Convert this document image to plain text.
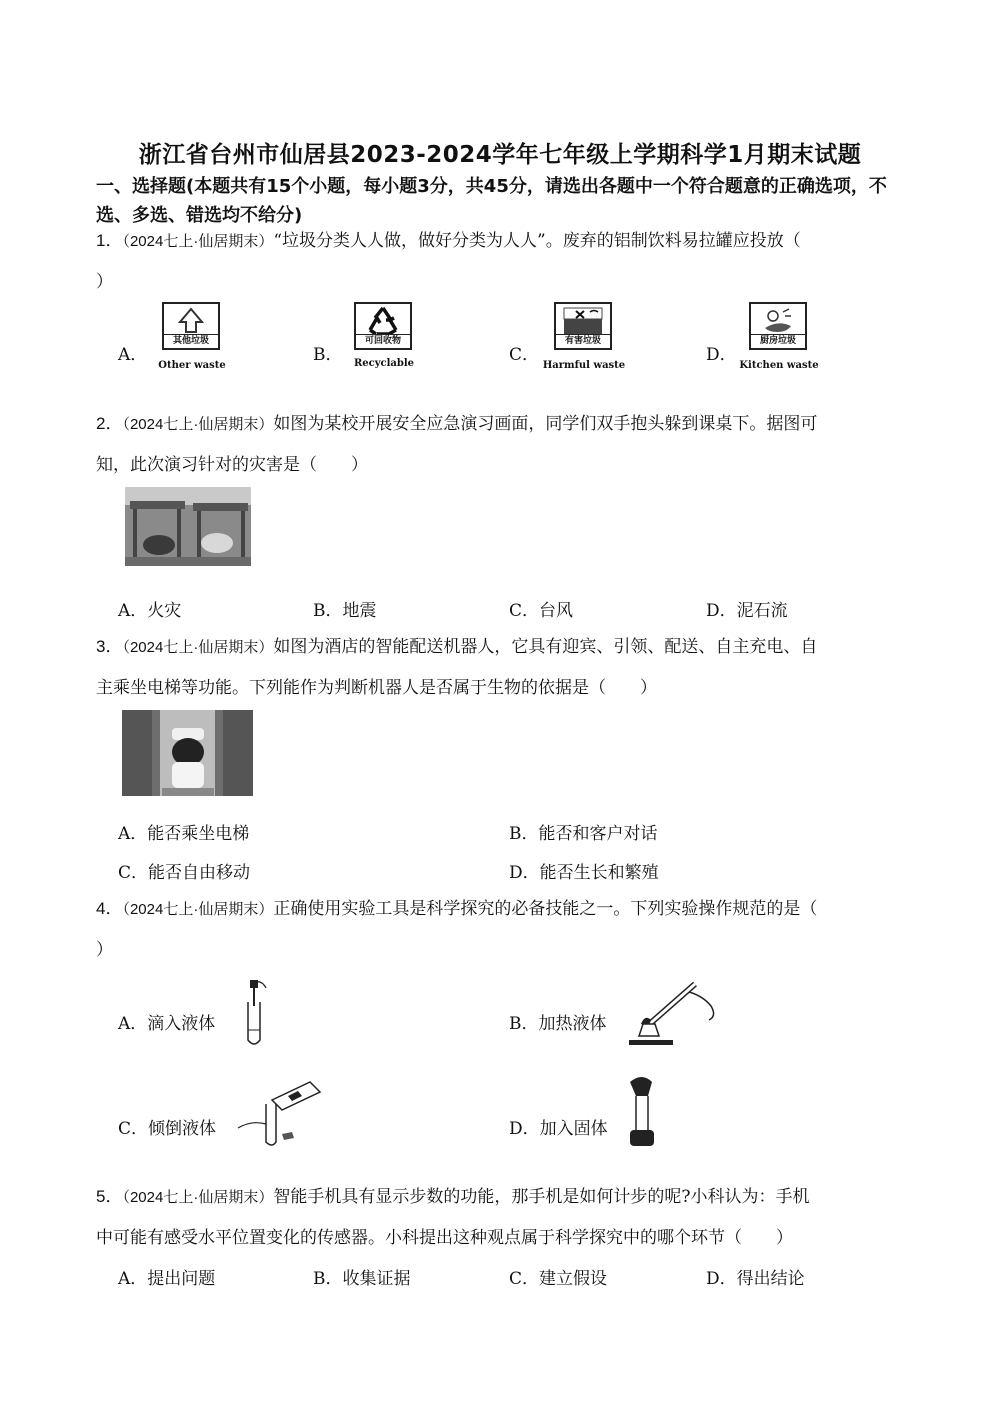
浙江省台州市仙居县2023-2024学年七年级上学期科学1月期末试题
一、选择题(本题共有15个小题，每小题3分，共45分，请选出各题中一个符合题意的正确选项，不选、多选、错选均不给分)
1．（2024七上·仙居期末）“垃圾分类人人做，做好分类为人人”。废弃的铝制饮料易拉罐应投放（
）
A．
其他垃圾
Other waste
B．
可回收物
Recyclable	C．
有害垃圾
Harmful waste
D．
厨房垃圾
Kitchen waste
2．（2024七上·仙居期末）如图为某校开展安全应急演习画面，同学们双手抱头躲到课桌下。据图可
知，此次演习针对的灾害是（　　）
A．火灾	B．地震	C．台风	D．泥石流
3．（2024七上·仙居期末）如图为酒店的智能配送机器人，它具有迎宾、引领、配送、自主充电、自
主乘坐电梯等功能。下列能作为判断机器人是否属于生物的依据是（　　）
A．能否乘坐电梯	B．能否和客户对话
C．能否自由移动	D．能否生长和繁殖
4．（2024七上·仙居期末）正确使用实验工具是科学探究的必备技能之一。下列实验操作规范的是（
）
A．滴入液体	B．加热液体
C．倾倒液体	D．加入固体
5．（2024七上·仙居期末）智能手机具有显示步数的功能，那手机是如何计步的呢?小科认为：手机
中可能有感受水平位置变化的传感器。小科提出这种观点属于科学探究中的哪个环节（　　）
A．提出问题	B．收集证据	C．建立假设	D．得出结论
